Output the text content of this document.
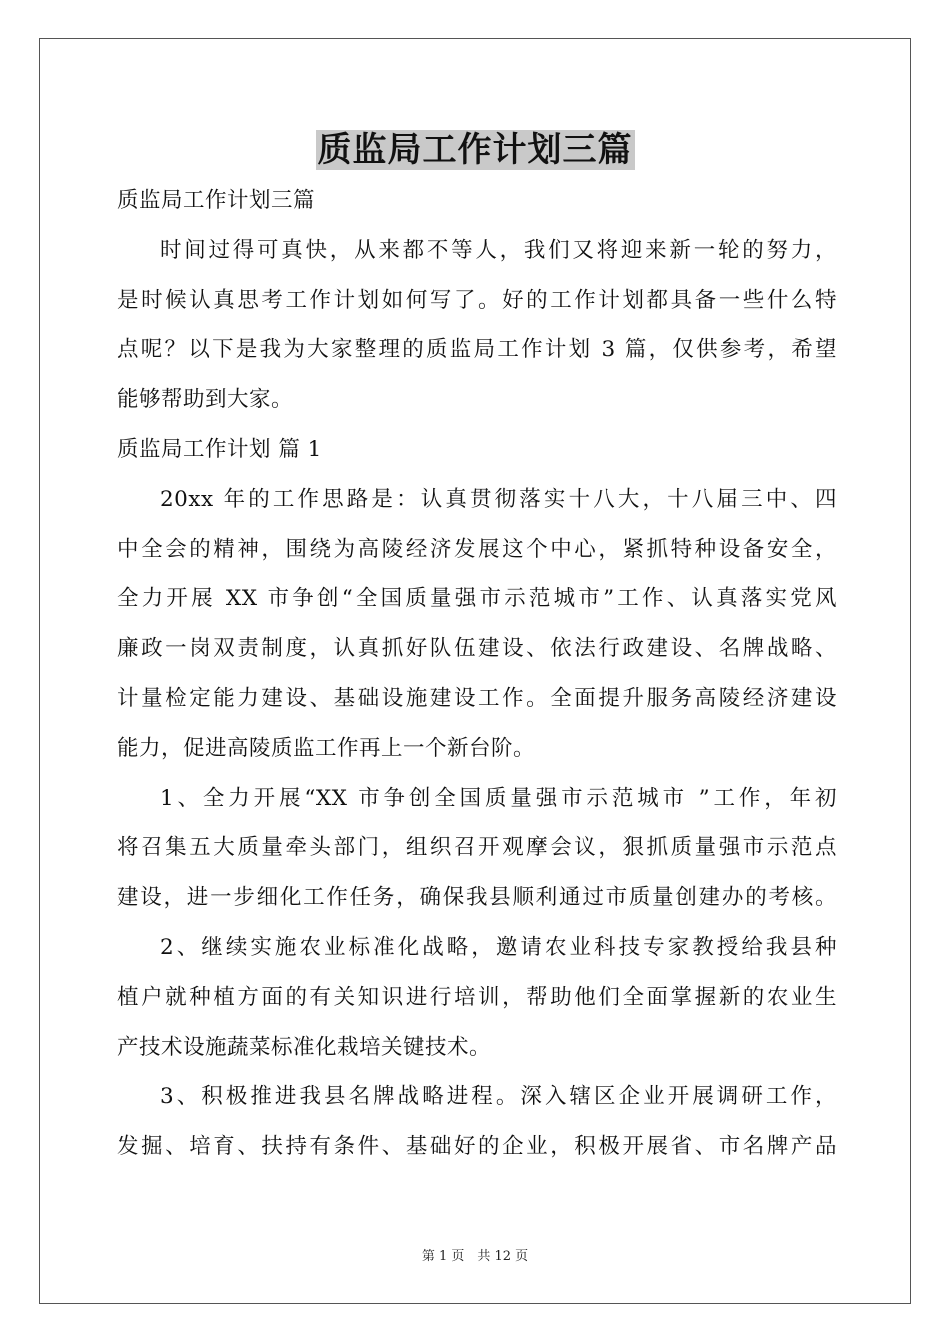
质监局工作计划三篇
质监局工作计划三篇
时间过得可真快，从来都不等人，我们又将迎来新一轮的努力，
是时候认真思考工作计划如何写了。好的工作计划都具备一些什么特
点呢？以下是我为大家整理的质监局工作计划 3 篇，仅供参考，希望
能够帮助到大家。
质监局工作计划 篇 1
20xx 年的工作思路是：认真贯彻落实十八大，十八届三中、四
中全会的精神，围绕为高陵经济发展这个中心，紧抓特种设备安全，
全力开展 XX 市争创“全国质量强市示范城市”工作、认真落实党风
廉政一岗双责制度，认真抓好队伍建设、依法行政建设、名牌战略、
计量检定能力建设、基础设施建设工作。全面提升服务高陵经济建设
能力，促进高陵质监工作再上一个新台阶。
1、全力开展“XX 市争创全国质量强市示范城市 ”工作，年初
将召集五大质量牵头部门，组织召开观摩会议，狠抓质量强市示范点
建设，进一步细化工作任务，确保我县顺利通过市质量创建办的考核。
2、继续实施农业标准化战略，邀请农业科技专家教授给我县种
植户就种植方面的有关知识进行培训，帮助他们全面掌握新的农业生
产技术设施蔬菜标准化栽培关键技术。
3、积极推进我县名牌战略进程。深入辖区企业开展调研工作，
发掘、培育、扶持有条件、基础好的企业，积极开展省、市名牌产品
第 1 页　共 12 页
